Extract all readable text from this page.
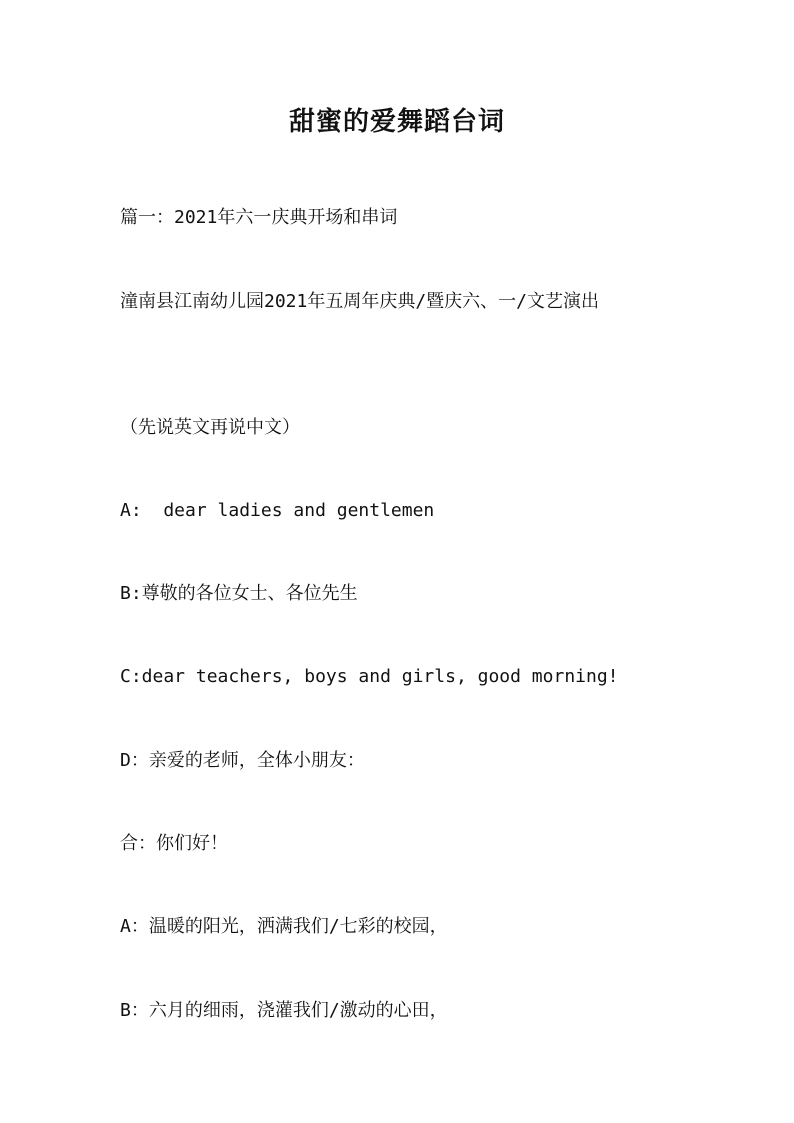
甜蜜的爱舞蹈台词
篇一：2021年六一庆典开场和串词
潼南县江南幼儿园2021年五周年庆典/暨庆六、一/文艺演出
（先说英文再说中文）
A:  dear ladies and gentlemen
B:尊敬的各位女士、各位先生
C:dear teachers, boys and girls, good morning!
D：亲爱的老师，全体小朋友：
合：你们好！
A：温暖的阳光，洒满我们/七彩的校园，
B：六月的细雨，浇灌我们/激动的心田，
